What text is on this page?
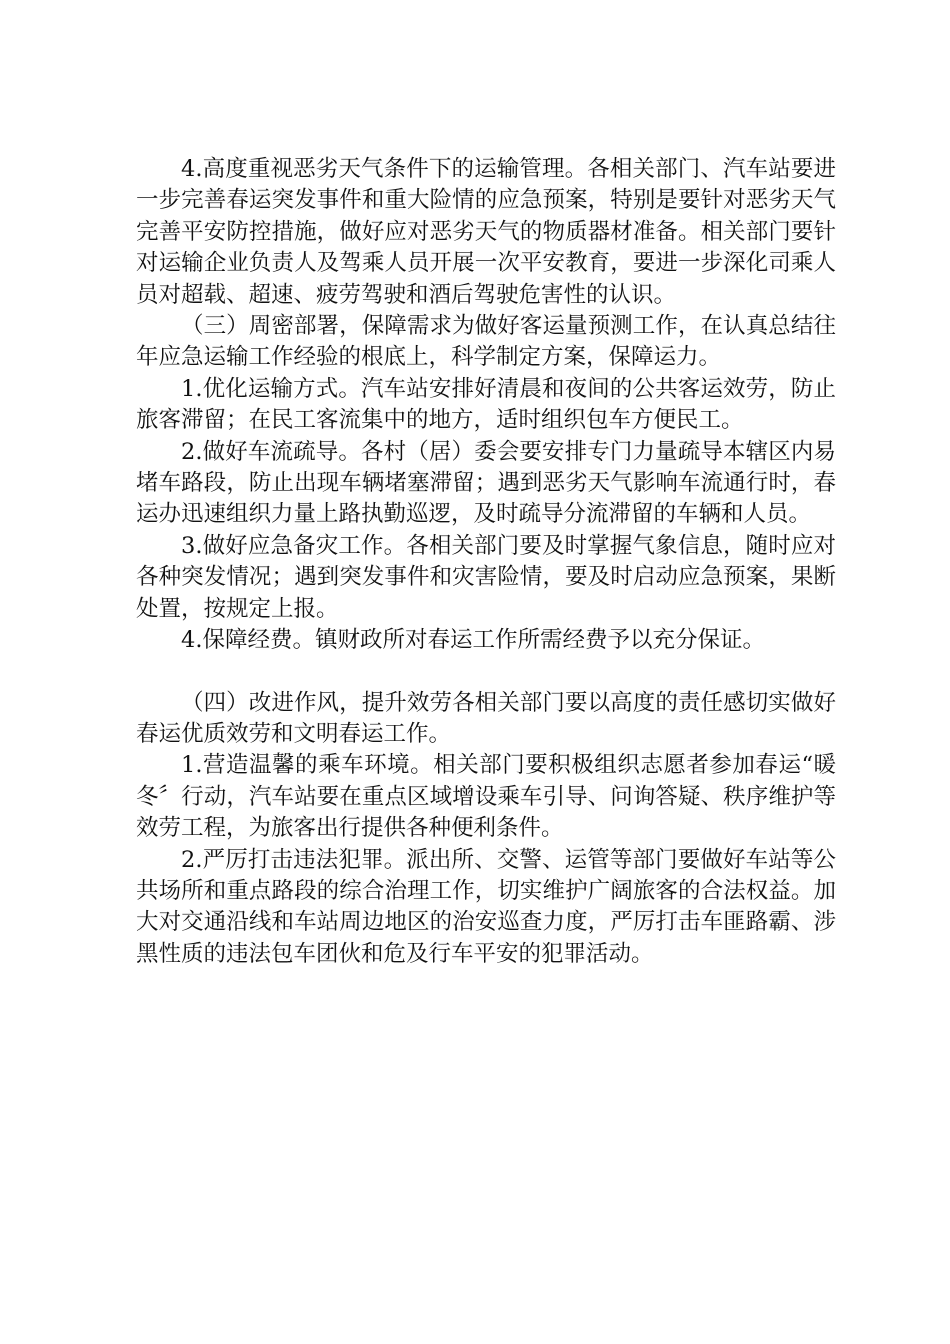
4.高度重视恶劣天气条件下的运输管理。各相关部门、汽车站要进一步完善春运突发事件和重大险情的应急预案，特别是要针对恶劣天气完善平安防控措施，做好应对恶劣天气的物质器材准备。相关部门要针对运输企业负责人及驾乘人员开展一次平安教育，要进一步深化司乘人员对超载、超速、疲劳驾驶和酒后驾驶危害性的认识。

（三）周密部署，保障需求为做好客运量预测工作，在认真总结往年应急运输工作经验的根底上，科学制定方案，保障运力。

1.优化运输方式。汽车站安排好清晨和夜间的公共客运效劳，防止旅客滞留；在民工客流集中的地方，适时组织包车方便民工。

2.做好车流疏导。各村（居）委会要安排专门力量疏导本辖区内易堵车路段，防止出现车辆堵塞滞留；遇到恶劣天气影响车流通行时，春运办迅速组织力量上路执勤巡逻，及时疏导分流滞留的车辆和人员。

3.做好应急备灾工作。各相关部门要及时掌握气象信息，随时应对各种突发情况；遇到突发事件和灾害险情，要及时启动应急预案，果断处置，按规定上报。

4.保障经费。镇财政所对春运工作所需经费予以充分保证。

（四）改进作风，提升效劳各相关部门要以高度的责任感切实做好春运优质效劳和文明春运工作。

1.营造温馨的乘车环境。相关部门要积极组织志愿者参加春运“暖冬〞行动，汽车站要在重点区域增设乘车引导、问询答疑、秩序维护等效劳工程，为旅客出行提供各种便利条件。

2.严厉打击违法犯罪。派出所、交警、运管等部门要做好车站等公共场所和重点路段的综合治理工作，切实维护广阔旅客的合法权益。加大对交通沿线和车站周边地区的治安巡查力度，严厉打击车匪路霸、涉黑性质的违法包车团伙和危及行车平安的犯罪活动。
